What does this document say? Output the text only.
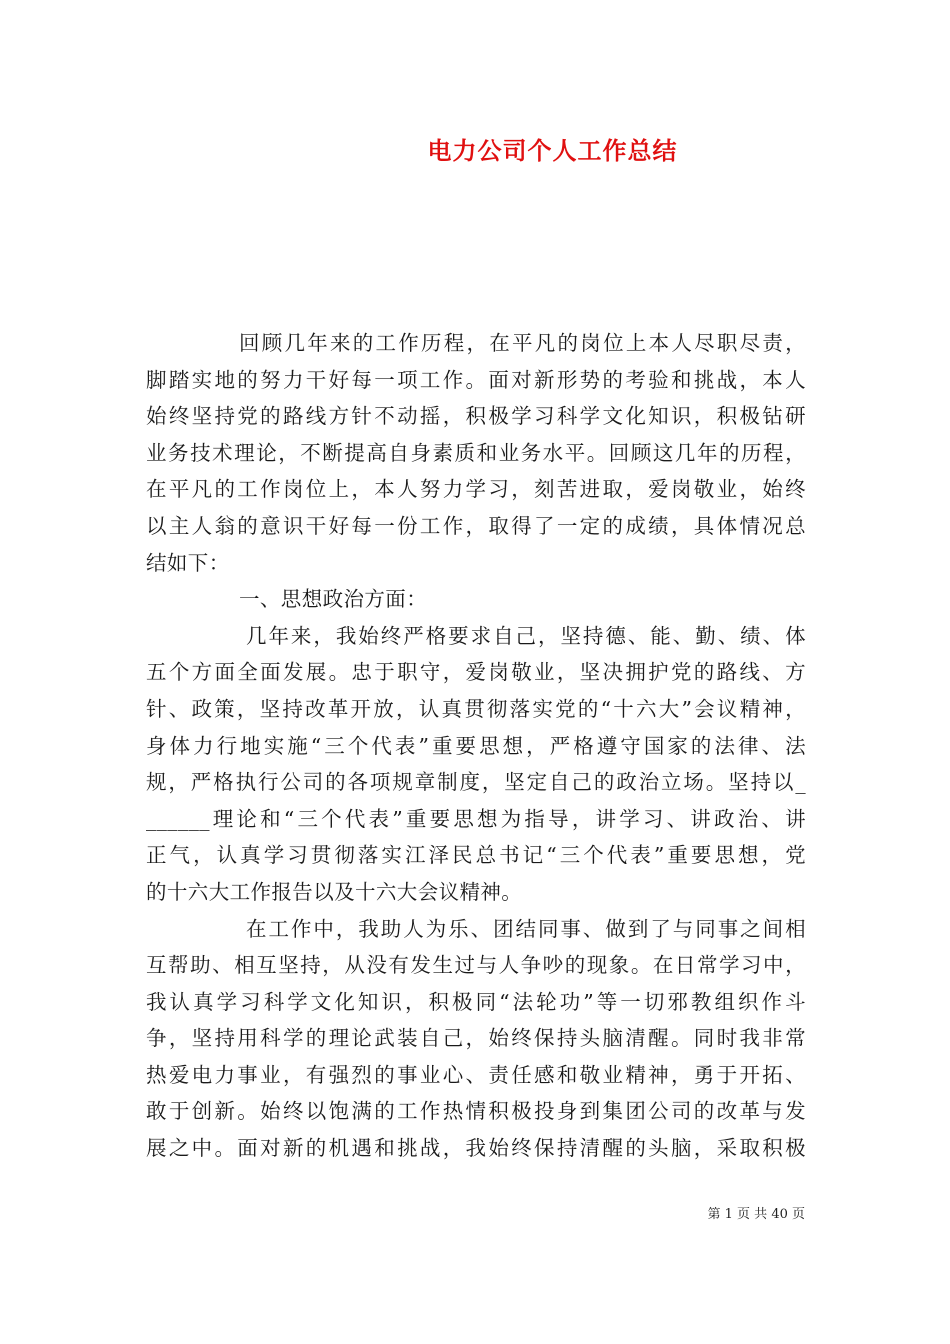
电力公司个人工作总结
回顾几年来的工作历程，在平凡的岗位上本人尽职尽责，
脚踏实地的努力干好每一项工作。面对新形势的考验和挑战，本人
始终坚持党的路线方针不动摇，积极学习科学文化知识，积极钻研
业务技术理论，不断提高自身素质和业务水平。回顾这几年的历程，
在平凡的工作岗位上，本人努力学习，刻苦进取，爱岗敬业，始终
以主人翁的意识干好每一份工作，取得了一定的成绩，具体情况总
结如下：
一、思想政治方面：
几年来，我始终严格要求自己，坚持德、能、勤、绩、体
五个方面全面发展。忠于职守，爱岗敬业，坚决拥护党的路线、方
针、政策，坚持改革开放，认真贯彻落实党的“十六大”会议精神，
身体力行地实施“三个代表”重要思想，严格遵守国家的法律、法
规，严格执行公司的各项规章制度，坚定自己的政治立场。坚持以_
______理论和“三个代表”重要思想为指导，讲学习、讲政治、讲
正气，认真学习贯彻落实江泽民总书记“三个代表”重要思想，党
的十六大工作报告以及十六大会议精神。
在工作中，我助人为乐、团结同事、做到了与同事之间相
互帮助、相互坚持，从没有发生过与人争吵的现象。在日常学习中，
我认真学习科学文化知识，积极同“法轮功”等一切邪教组织作斗
争，坚持用科学的理论武装自己，始终保持头脑清醒。同时我非常
热爱电力事业，有强烈的事业心、责任感和敬业精神，勇于开拓、
敢于创新。始终以饱满的工作热情积极投身到集团公司的改革与发
展之中。面对新的机遇和挑战，我始终保持清醒的头脑，采取积极
第 1 页 共 40 页
